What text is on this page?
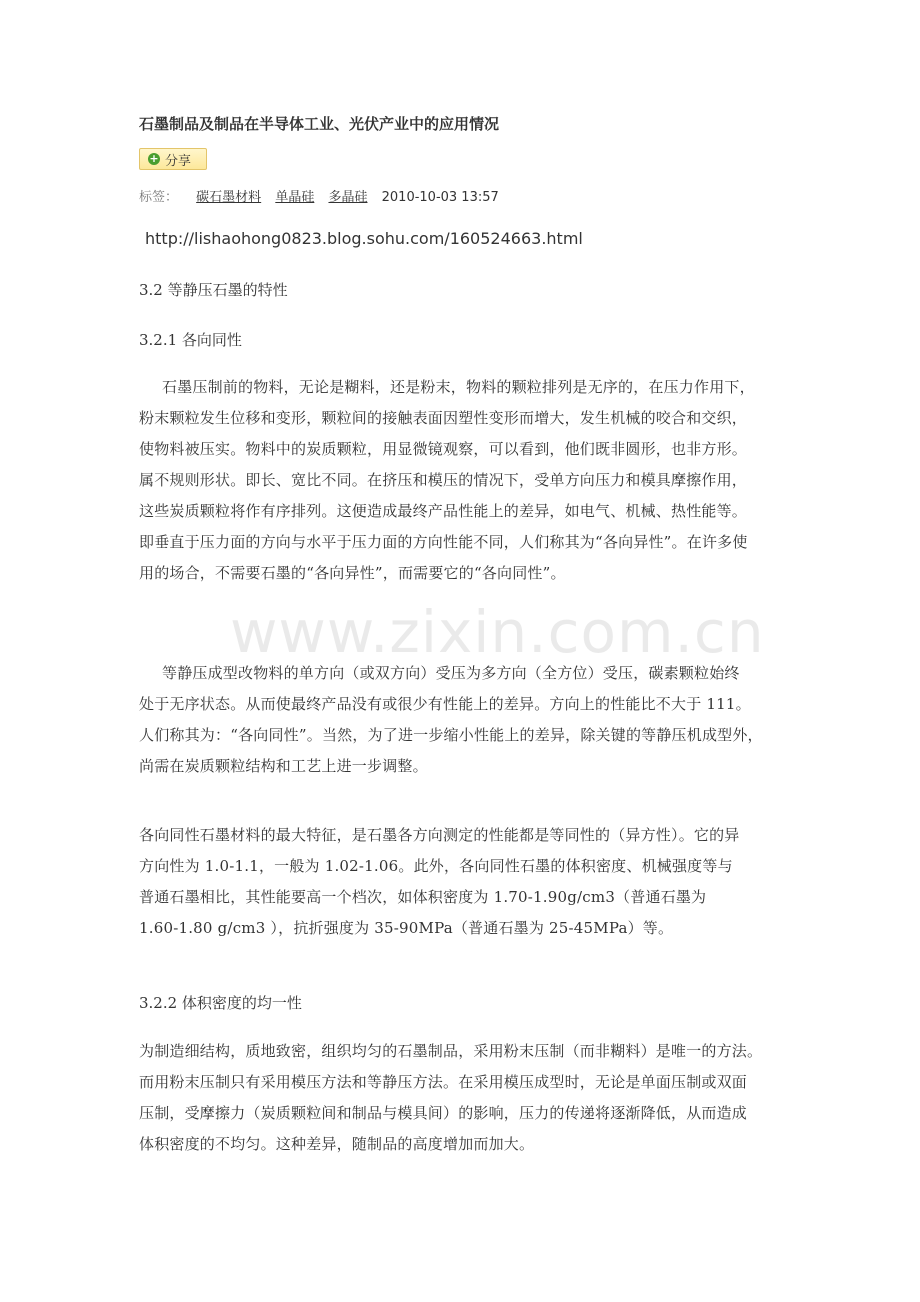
www.zixin.com.cn
石墨制品及制品在半导体工业、光伏产业中的应用情况
+ 分享
标签： 碳石墨材料 单晶硅 多晶硅 2010-10-03 13:57
http://lishaohong0823.blog.sohu.com/160524663.html
3.2 等静压石墨的特性
3.2.1 各向同性
石墨压制前的物料，无论是糊料，还是粉末，物料的颗粒排列是无序的，在压力作用下，
粉末颗粒发生位移和变形，颗粒间的接触表面因塑性变形而增大，发生机械的咬合和交织，
使物料被压实。物料中的炭质颗粒，用显微镜观察，可以看到，他们既非圆形，也非方形。
属不规则形状。即长、宽比不同。在挤压和模压的情况下，受单方向压力和模具摩擦作用，
这些炭质颗粒将作有序排列。这便造成最终产品性能上的差异，如电气、机械、热性能等。
即垂直于压力面的方向与水平于压力面的方向性能不同，人们称其为“各向异性”。在许多使
用的场合，不需要石墨的“各向异性”，而需要它的“各向同性”。
等静压成型改物料的单方向（或双方向）受压为多方向（全方位）受压，碳素颗粒始终
处于无序状态。从而使最终产品没有或很少有性能上的差异。方向上的性能比不大于 111。
人们称其为：“各向同性”。当然，为了进一步缩小性能上的差异，除关键的等静压机成型外，
尚需在炭质颗粒结构和工艺上进一步调整。
各向同性石墨材料的最大特征，是石墨各方向测定的性能都是等同性的（异方性）。它的异
方向性为 1.0-1.1，一般为 1.02-1.06。此外，各向同性石墨的体积密度、机械强度等与
普通石墨相比，其性能要高一个档次，如体积密度为 1.70-1.90g/cm3（普通石墨为
1.60-1.80 g/cm3 ），抗折强度为 35-90MPa（普通石墨为 25-45MPa）等。
3.2.2 体积密度的均一性
为制造细结构，质地致密，组织均匀的石墨制品，采用粉末压制（而非糊料）是唯一的方法。
而用粉末压制只有采用模压方法和等静压方法。在采用模压成型时，无论是单面压制或双面
压制，受摩擦力（炭质颗粒间和制品与模具间）的影响，压力的传递将逐渐降低，从而造成
体积密度的不均匀。这种差异，随制品的高度增加而加大。
